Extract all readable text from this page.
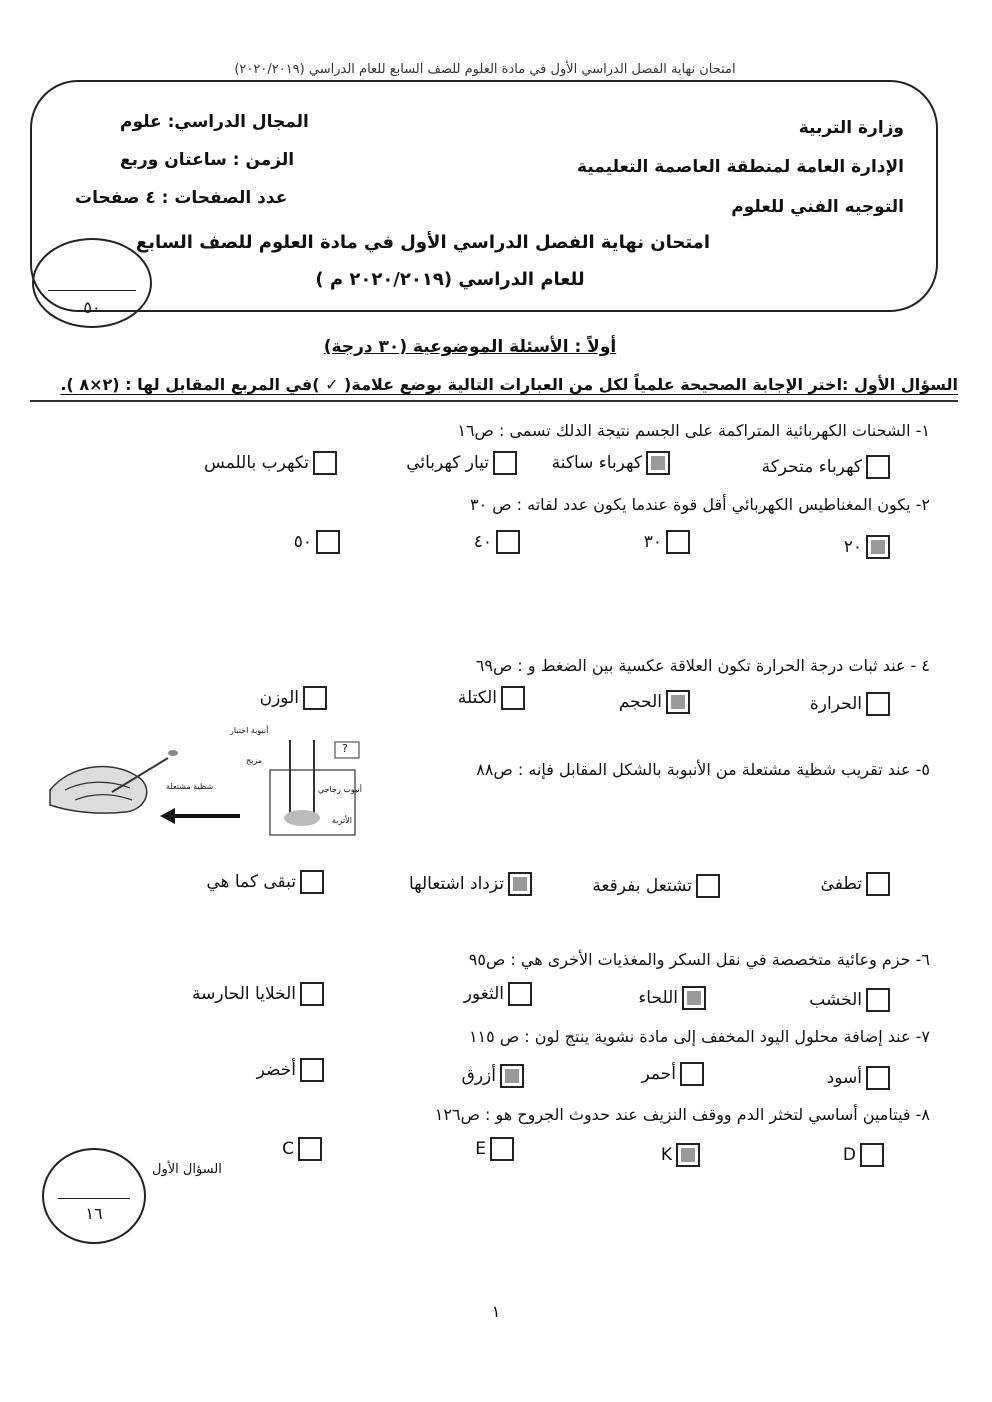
امتحان نهاية الفصل الدراسي الأول في مادة العلوم للصف السابع للعام الدراسي (٢٠٢٠/٢٠١٩)
وزارة التربية
الإدارة العامة لمنطقة العاصمة التعليمية
التوجيه الفني للعلوم
المجال الدراسي: علوم
الزمن : ساعتان وربع
عدد الصفحات : ٤ صفحات
امتحان نهاية الفصل الدراسي الأول في مادة العلوم للصف السابع
للعام الدراسي (٢٠٢٠/٢٠١٩ م )
٥٠
أولاً : الأسئلة الموضوعية (٣٠ درجة)
السؤال الأول :اختر الإجابة الصحيحة علمياً لكل من العبارات التالية بوضع علامة( ✓ )في المربع المقابل لها : (٢×٨ ).
١- الشحنات الكهربائية المتراكمة على الجسم نتيجة الدلك تسمى : ص١٦
كهرباء متحركة
كهرباء ساكنة
تيار كهربائي
تكهرب باللمس
٢- يكون المغناطيس الكهربائي أقل قوة عندما يكون عدد لفاته : ص ٣٠
٢٠
٣٠
٤٠
٥٠
٤ - عند ثبات درجة الحرارة تكون العلاقة عكسية بين الضغط و : ص٦٩
الحرارة
الحجم
الكتلة
الوزن
٥- عند تقريب شظية مشتعلة من الأنبوبة بالشكل المقابل فإنه : ص٨٨
أنبوبة اختبار
?
مزيج
شظية مشتعلة	أنبوب زجاجي
الأتربة
تطفئ
تشتعل بفرقعة
تزداد اشتعالها
تبقى كما هي
٦- حزم وعائية متخصصة في نقل السكر والمغذيات الأخرى هي : ص٩٥
الخشب
اللحاء
الثغور
الخلايا الحارسة
٧- عند إضافة محلول اليود المخفف إلى مادة نشوية ينتج لون : ص ١١٥
أسود
أحمر
أزرق
أخضر
٨- فيتامين أساسي لتخثر الدم ووقف النزيف عند حدوث الجروح هو : ص١٢٦
D
K
E
C
١٦
السؤال الأول
١
